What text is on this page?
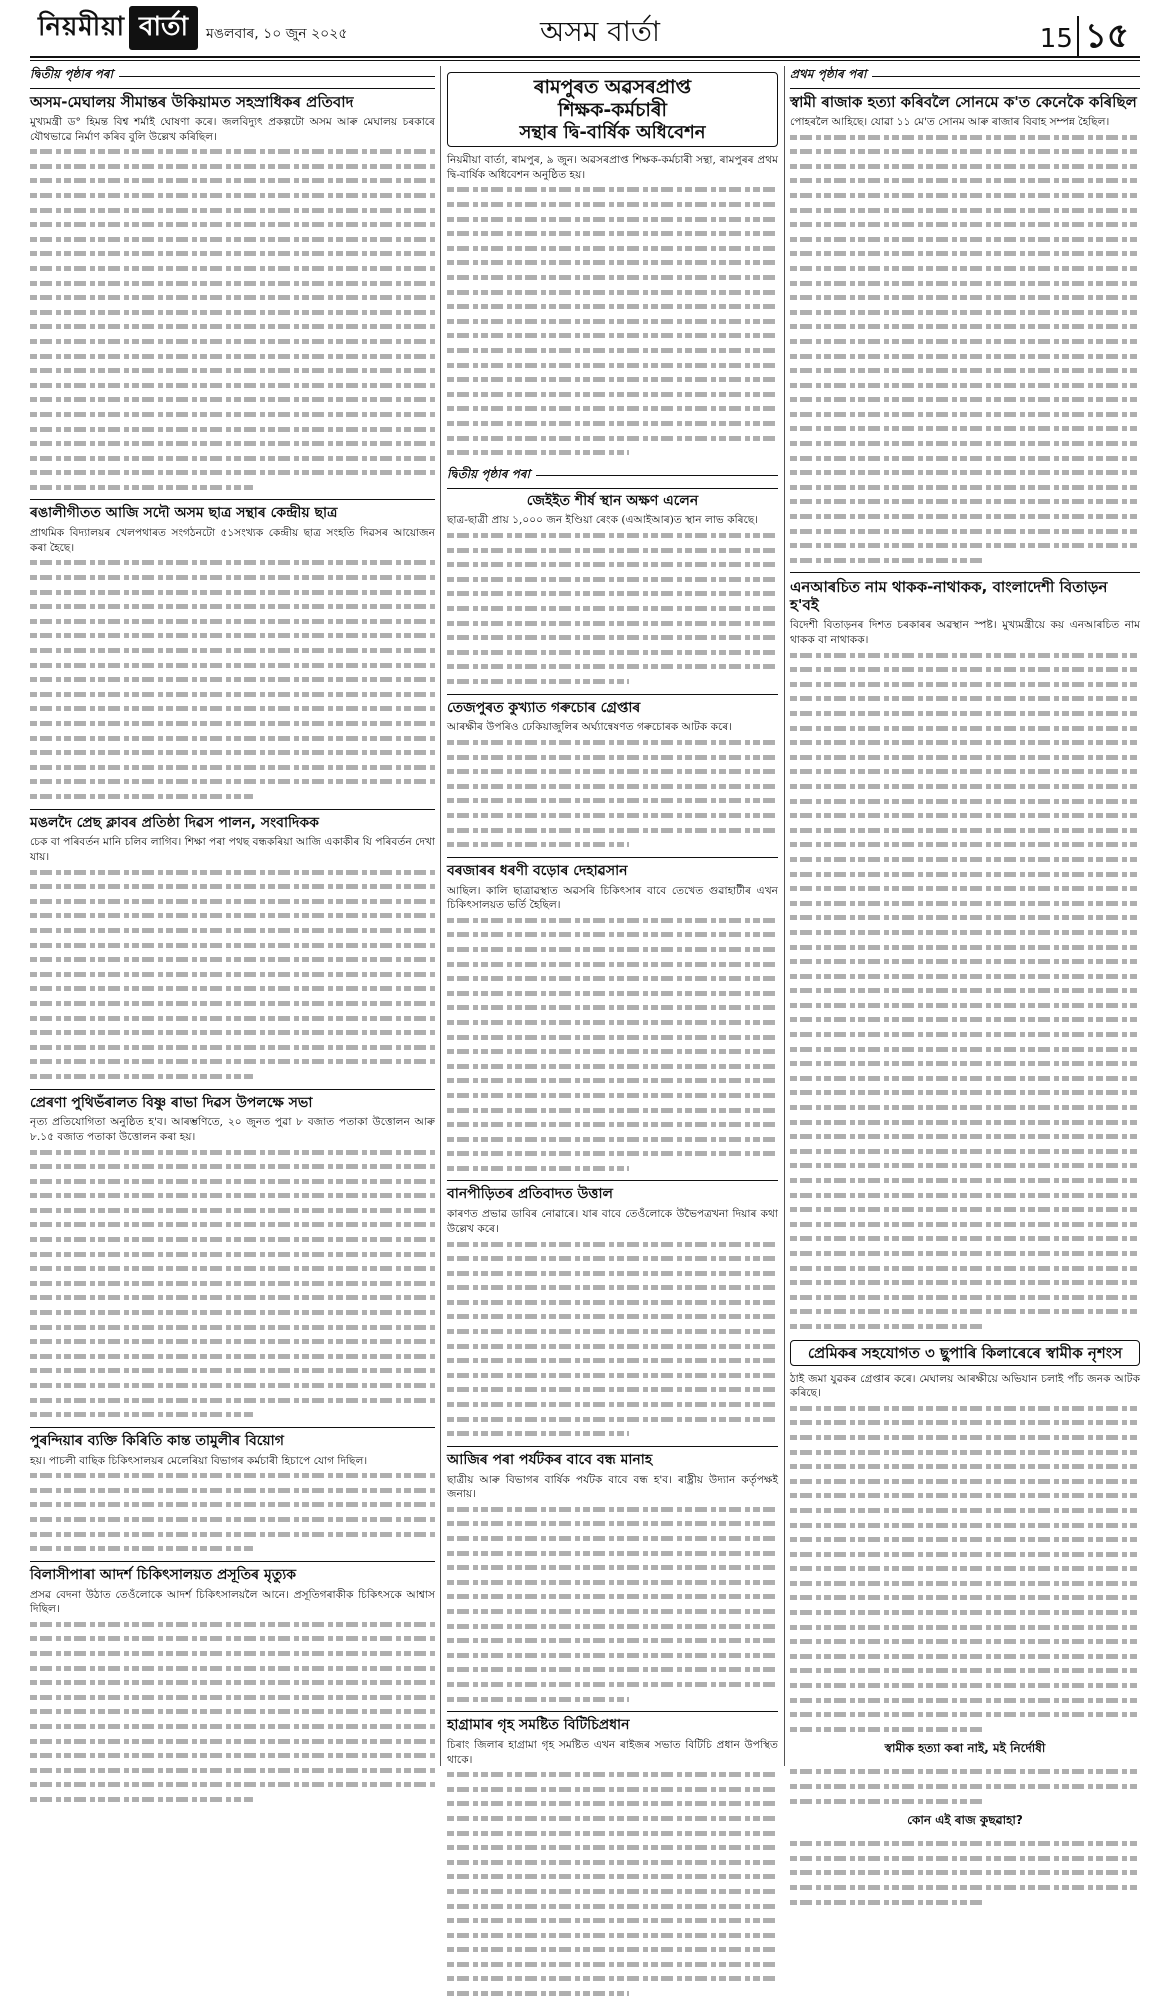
নিয়মীয়া বাৰ্তা	মঙলবাৰ, ১০ জুন ২০২৫	অসম বাৰ্তা	15 ১৫
দ্বিতীয় পৃষ্ঠাৰ পৰা
অসম-মেঘালয় সীমান্তৰ উকিয়ামত সহস্ৰাধিকৰ প্ৰতিবাদ

মুখ্যমন্ত্ৰী ড° হিমন্ত বিশ্ব শৰ্মাই ঘোষণা কৰে। জলবিদ্যুৎ প্ৰকল্পটো অসম আৰু মেঘালয় চৰকাৰে যৌথভাৱে নিৰ্মাণ কৰিব বুলি উল্লেখ কৰিছিল।

ৰঙালীগীতত আজি সদৌ অসম ছাত্ৰ সন্থাৰ কেন্দ্ৰীয় ছাত্ৰ

প্ৰাথমিক বিদ্যালয়ৰ খেলপথাৰত সংগঠনটো ৫১সংখ্যক কেন্দ্ৰীয় ছাত্ৰ সংহতি দিৱসৰ আয়োজন কৰা হৈছে।

মঙলদৈ প্ৰেছ ক্লাবৰ প্ৰতিষ্ঠা দিৱস পালন, সংবাদিকক

চেক বা পৰিবৰ্তন মানি চলিব লাগিব। শিক্ষা পৰা পথছ বন্ধকৰিয়া আজি একাকীৰ যি পৰিবৰ্তন দেখা যায়।

প্ৰেৰণা পুথিভঁৰালত বিষ্ণু ৰাভা দিৱস উপলক্ষে সভা

নৃত্য প্ৰতিযোগিতা অনুষ্ঠিত হ'ব। আৰম্ভণিতে, ২০ জুনত পুৱা ৮ বজাত পতাকা উত্তোলন আৰু ৮.১৫ বজাত পতাকা উত্তোলন কৰা হয়।

পুৰন্দিয়াৰ ব্যক্তি কিৰিতি কান্ত তামুলীৰ বিয়োগ

হয়। পাচলী বাছিক চিকিৎসালয়ৰ মেলেৰিয়া বিভাগৰ কৰ্মচাৰী হিচাপে যোগ দিছিল।

বিলাসীপাৰা আদৰ্শ চিকিৎসালয়ত প্ৰসূতিৰ মৃত্যুক

প্ৰসৱ বেদনা উঠাত তেওঁলোকে আদৰ্শ চিকিৎসালয়লৈ আনে। প্ৰসূতিগৰাকীক চিকিৎসকে আশ্বাস দিছিল।

ৰামপুৰত অৱসৰপ্ৰাপ্ত
শিক্ষক-কৰ্মচাৰী
সন্থাৰ দ্বি-বাৰ্ষিক অধিবেশন

নিয়মীয়া বাৰ্তা, ৰামপুৰ, ৯ জুন। অৱসৰপ্ৰাপ্ত শিক্ষক-কৰ্মচাৰী সন্থা, ৰামপুৰৰ প্ৰথম দ্বি-বাৰ্ষিক অধিবেশন অনুষ্ঠিত হয়।

দ্বিতীয় পৃষ্ঠাৰ পৰা
জেইইত শীৰ্ষ স্থান অক্ষণ এলেন

ছাত্ৰ-ছাত্ৰী প্ৰায় ১,০০০ জন ইণ্ডিয়া ৰেংক (এআইআৰ)ত স্থান লাভ কৰিছে।

তেজপুৰত কুখ্যাত গৰুচোৰ গ্ৰেপ্তাৰ

আৰক্ষীৰ উপৰিও ঢেকিয়াজুলিৰ অৰ্ঘ্যান্বেষণত গৰুচোৰক আটক কৰে।

বৰজাৰৰ ধৰণী বড়োৰ দেহাৱসান

আছিল। কালি ছাত্ৰাৱস্থাত অৱসৰি চিকিৎসাৰ বাবে তেখেত গুৱাহাটীৰ এখন চিকিৎসালয়ত ভৰ্তি হৈছিল।

বানপীড়িতৰ প্ৰতিবাদত উত্তাল

কাৰণত প্ৰভাৱ ডাবিৰ নোৱাৰে। যাৰ বাবে তেওঁলোকে উভৈপত্ৰখনা দিয়াৰ কথা উল্লেখ কৰে।

আজিৰ পৰা পৰ্যটকৰ বাবে বন্ধ মানাহ

ছাত্ৰীয় আৰু বিভাগৰ বাৰ্ষিক পৰ্যটক বাবে বন্ধ হ'ব। ৰাষ্ট্ৰীয় উদ্যান কৰ্তৃপক্ষই জনায়।

হাগ্ৰামাৰ গৃহ সমষ্টিত বিটিচিপ্ৰধান

চিৰাং জিলাৰ হাগ্ৰামা গৃহ সমষ্টিত এখন ৰাইজৰ সভাত বিটিচি প্ৰধান উপস্থিত থাকে।

প্ৰথম পৃষ্ঠাৰ পৰা
স্বামী ৰাজাক হত্যা কৰিবলৈ সোনমে ক'ত কেনেকৈ কৰিছিল

পোহৰলৈ আহিছে। যোৱা ১১ মে'ত সোনম আৰু ৰাজাৰ বিবাহ সম্পন্ন হৈছিল।

এনআৰচিত নাম থাকক-নাথাকক, বাংলাদেশী বিতাড়ন হ'বই

বিদেশী বিতাড়নৰ দিশত চৰকাৰৰ অৱস্থান স্পষ্ট। মুখ্যমন্ত্ৰীয়ে কয় এনআৰচিত নাম থাকক বা নাথাকক।

প্ৰেমিকৰ সহযোগত ৩ ছুপাৰি কিলাৰেৰে স্বামীক নৃশংস

ঠাই জমা যুৱকৰ গ্ৰেপ্তাৰ কৰে। মেঘালয় আৰক্ষীয়ে অভিযান চলাই পাঁচ জনক আটক কৰিছে।

স্বামীক হত্যা কৰা নাই, মই নিৰ্দোষী
কোন এই ৰাজ কুছৱাহা?
